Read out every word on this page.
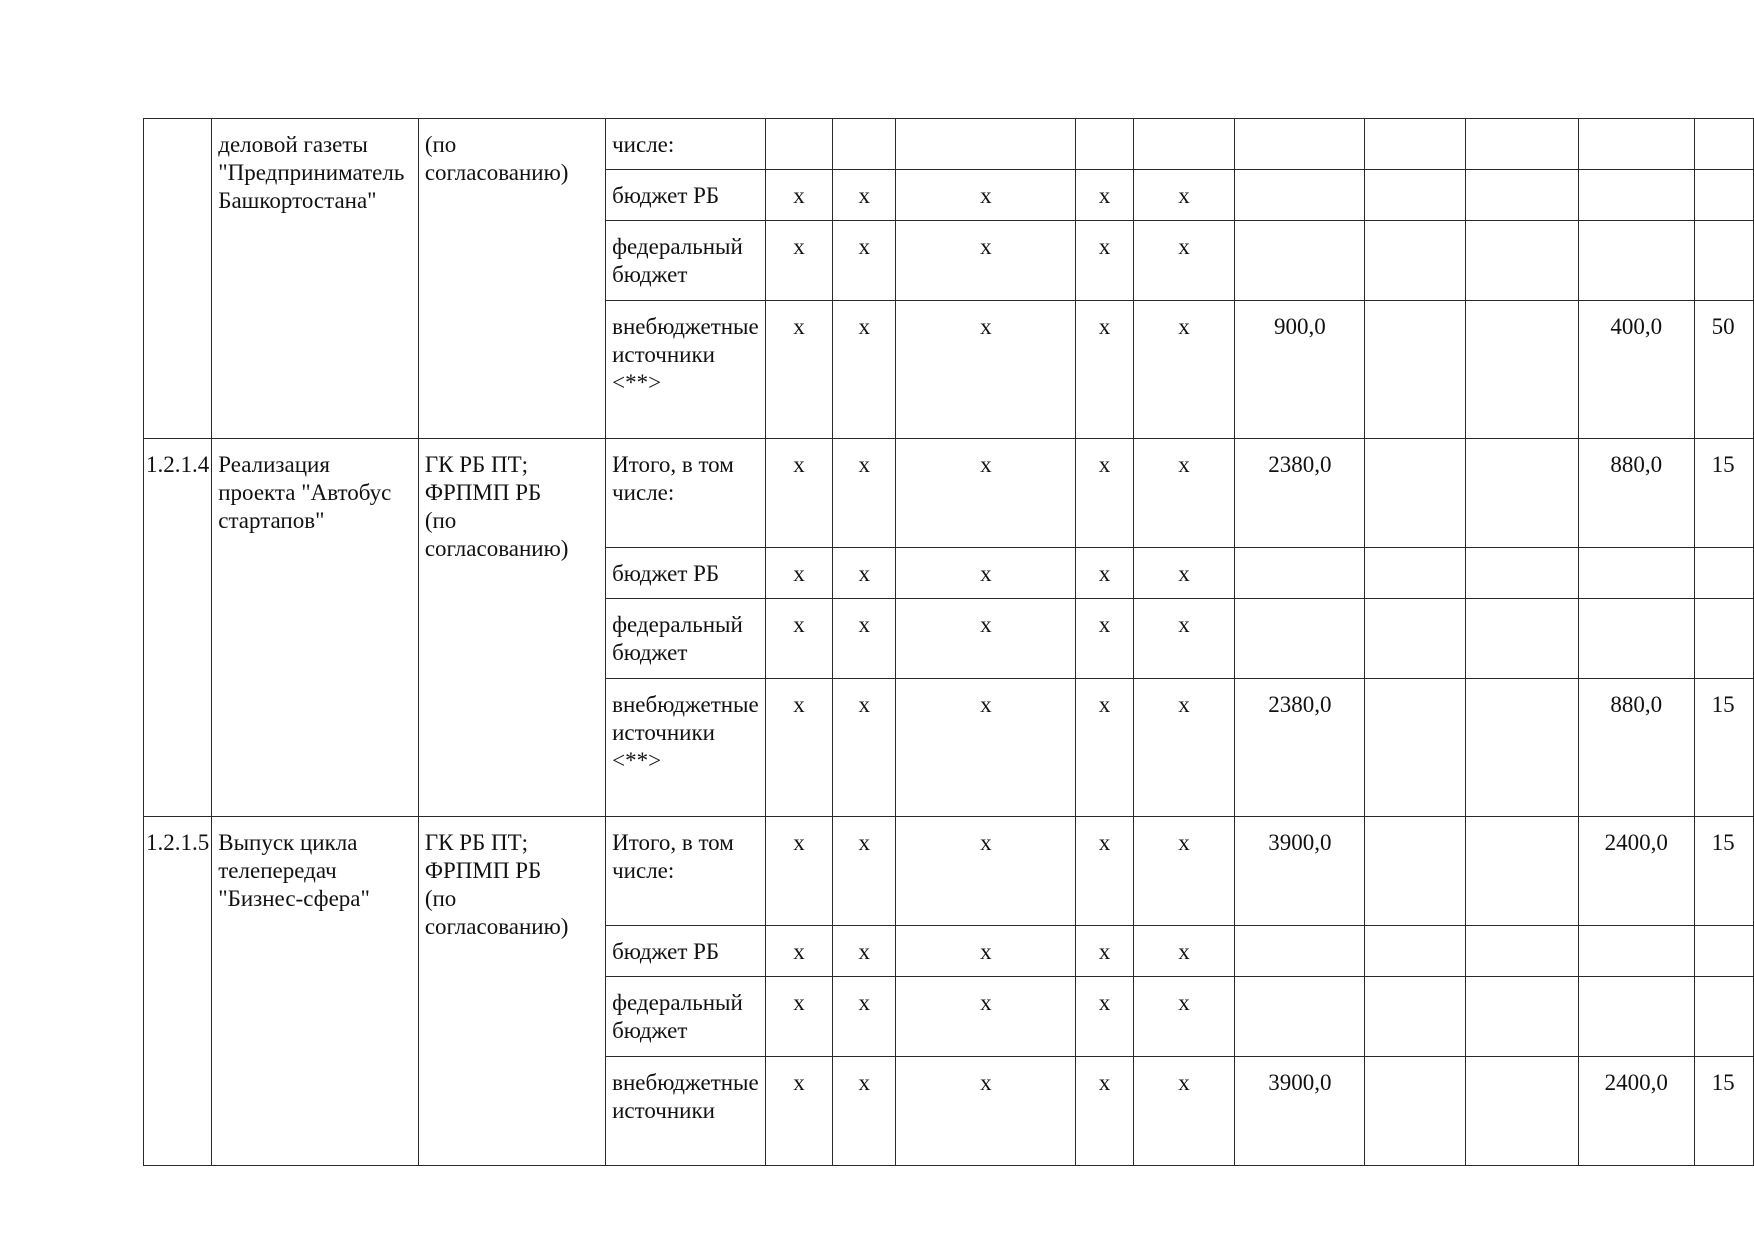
	деловой газеты "Предприниматель Башкортостана"	(по согласованию)	числе:										
			бюджет РБ	x	x	x	x	x					
			федеральный бюджет	x	x	x	x	x					
			внебюджетные источники <**>	x	x	x	x	x	900,0			400,0	50
1.2.1.4	Реализация проекта "Автобус стартапов"	ГК РБ ПТ;
ФРПМП РБ
(по согласованию)	Итого, в том числе:	x	x	x	x	x	2380,0			880,0	15
			бюджет РБ	x	x	x	x	x					
			федеральный бюджет	x	x	x	x	x					
			внебюджетные источники <**>	x	x	x	x	x	2380,0			880,0	15
1.2.1.5	Выпуск цикла телепередач "Бизнес-сфера"	ГК РБ ПТ;
ФРПМП РБ
(по согласованию)	Итого, в том числе:	x	x	x	x	x	3900,0			2400,0	15
			бюджет РБ	x	x	x	x	x					
			федеральный бюджет	x	x	x	x	x					
			внебюджетные источники	x	x	x	x	x	3900,0			2400,0	15
